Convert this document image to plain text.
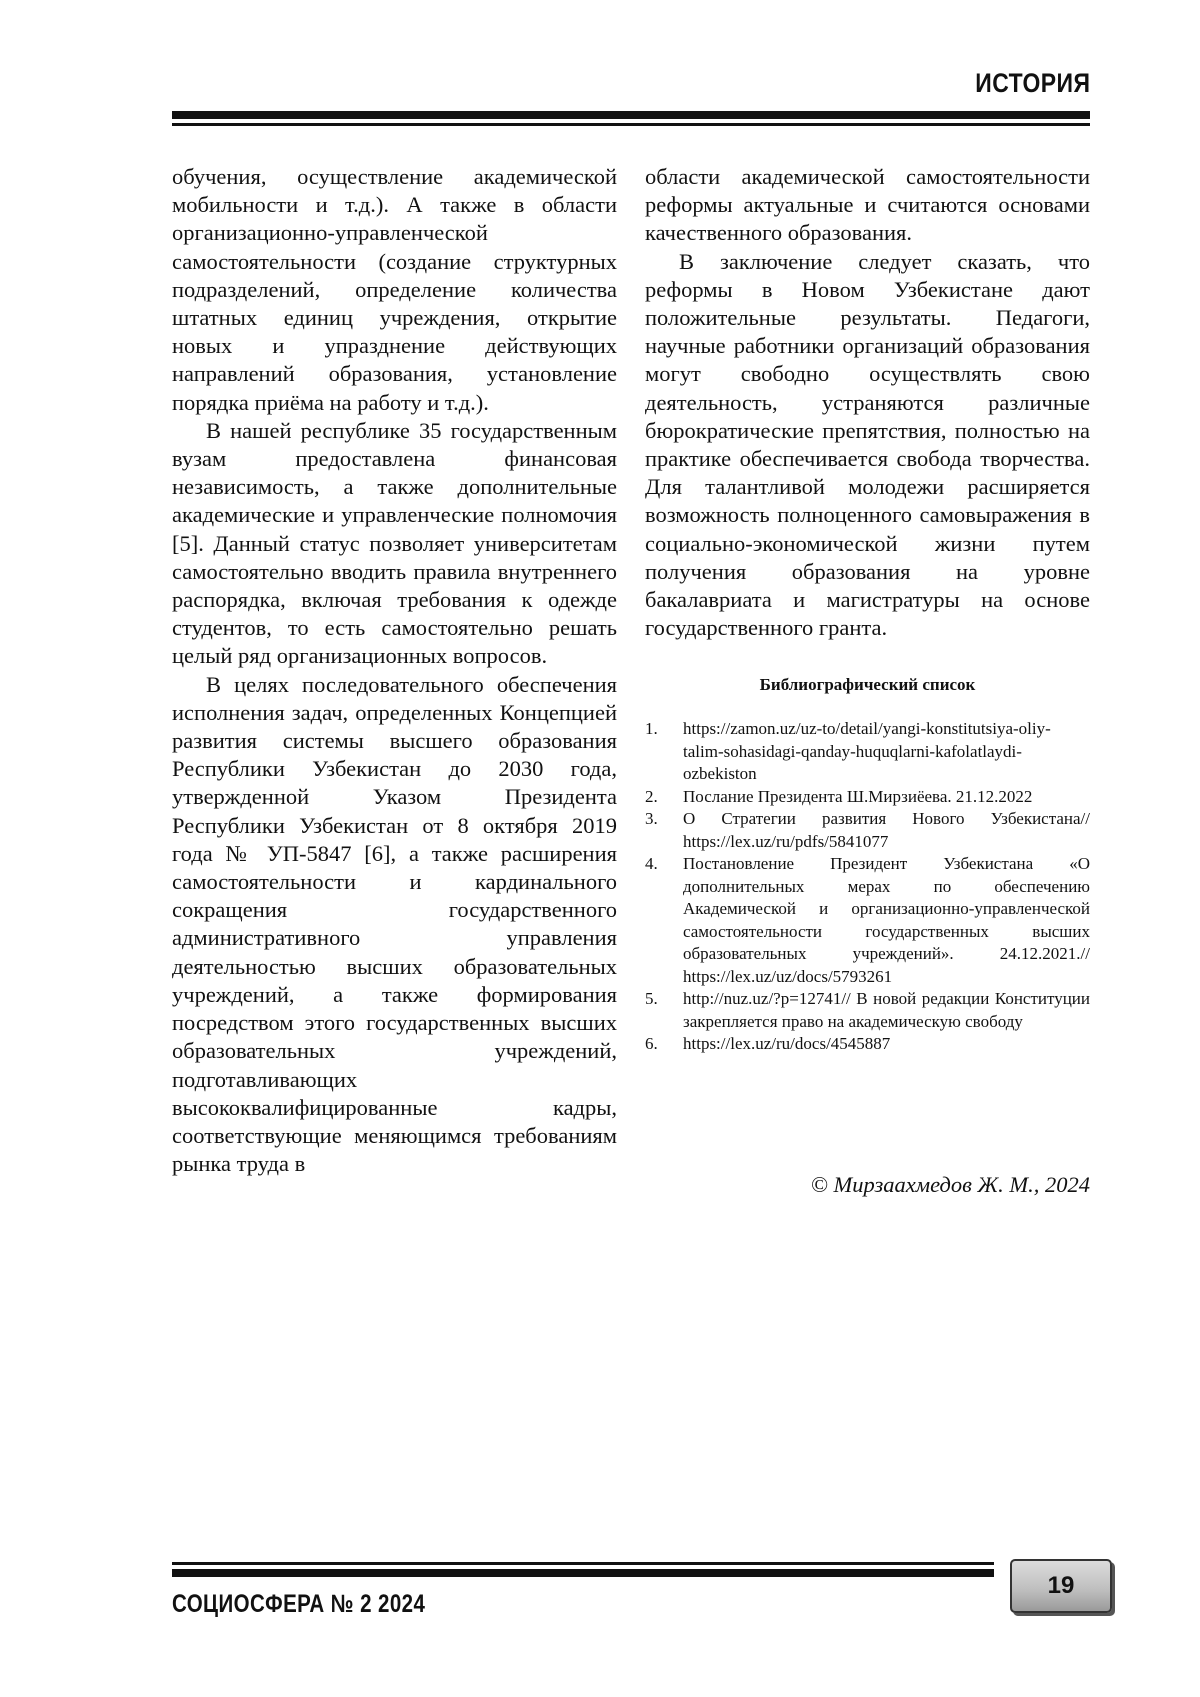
ИСТОРИЯ

обучения, осуществление академической мобильности и т.д.). А также в области организационно-управленческой самостоятельности (создание структурных подразделений, определение количества штатных единиц учреждения, открытие новых и упразднение действующих направлений образования, установление порядка приёма на работу и т.д.).

В нашей республике 35 государственным вузам предоставлена финансовая независимость, а также дополнительные академические и управленческие полномочия [5]. Данный статус позволяет университетам самостоятельно вводить правила внутреннего распорядка, включая требования к одежде студентов, то есть самостоятельно решать целый ряд организационных вопросов.

В целях последовательного обеспечения исполнения задач, определенных Концепцией развития системы высшего образования Республики Узбекистан до 2030 года, утвержденной Указом Президента Республики Узбекистан от 8 октября 2019 года № УП-5847 [6], а также расширения самостоятельности и кардинального сокращения государственного административного управления деятельностью высших образовательных учреждений, а также формирования посредством этого государственных высших образовательных учреждений, подготавливающих высококвалифицированные кадры, соответствующие меняющимся требованиям рынка труда в

области академической самостоятельности реформы актуальные и считаются основами качественного образования.

В заключение следует сказать, что реформы в Новом Узбекистане дают положительные результаты. Педагоги, научные работники организаций образования могут свободно осуществлять свою деятельность, устраняются различные бюрократические препятствия, полностью на практике обеспечивается свобода творчества. Для талантливой молодежи расширяется возможность полноценного самовыражения в социально-экономической жизни путем получения образования на уровне бакалавриата и магистратуры на основе государственного гранта.

Библиографический список
1.	https://zamon.uz/uz-to/detail/yangi-konstitutsiya-oliy-talim-sohasidagi-qanday-huquqlarni-kafolatlaydi-ozbekiston
2.	Послание Президента Ш.Мирзиёева. 21.12.2022
3.	О Стратегии развития Нового Узбекистана// https://lex.uz/ru/pdfs/5841077
4.	Постановление Президент Узбекистана «О дополнительных мерах по обеспечению Академической и организационно-управленческой самостоятельности государственных высших образовательных учреждений». 24.12.2021.// https://lex.uz/uz/docs/5793261
5.	http://nuz.uz/?p=12741// В новой редакции Конституции закрепляется право на академическую свободу
6.	https://lex.uz/ru/docs/4545887
© Мирзаахмедов Ж. М., 2024
СОЦИОСФЕРА № 2 2024
19
